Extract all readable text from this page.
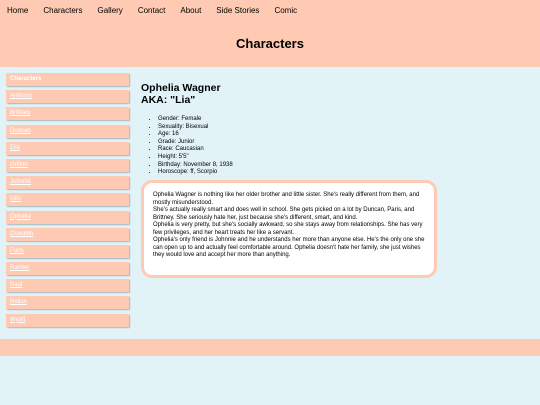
Home Characters Gallery Contact About Side Stories Comic
Characters
Characters
Anthony
Brittney
Duncan
Ella
Grifinn
Johnnie
Milo
Ophelia
Oswaldo
Paris
Ramier
Raul
Ridion
Wyatt
Ophelia Wagner
AKA: "Lia"
• Gender: Female
• Sexuality: Bisexual
• Age: 16
• Grade: Junior
• Race: Caucasian
• Height: 5'5"
• Birthday: November 8, 1938
• Horoscope: ff, Scorpio

Ophelia Wagner is nothing like her older brother and little sister. She's really different from them, and mostly misunderstood.

She's actually really smart and does well in school. She gets picked on a lot by Duncan, Paris, and Brittney. She seriously hate her, just because she's different, smart, and kind.

Ophelia is very pretty, but she's socially awkward, so she stays away from relationships. She has very few privileges, and her heart treats her like a servant.

Ophelia's only friend is Johnnie and he understands her more than anyone else. He's the only one she can open up to and actually feel comfortable around. Ophelia doesn't hate her family, she just wishes they would love and accept her more than anything.
